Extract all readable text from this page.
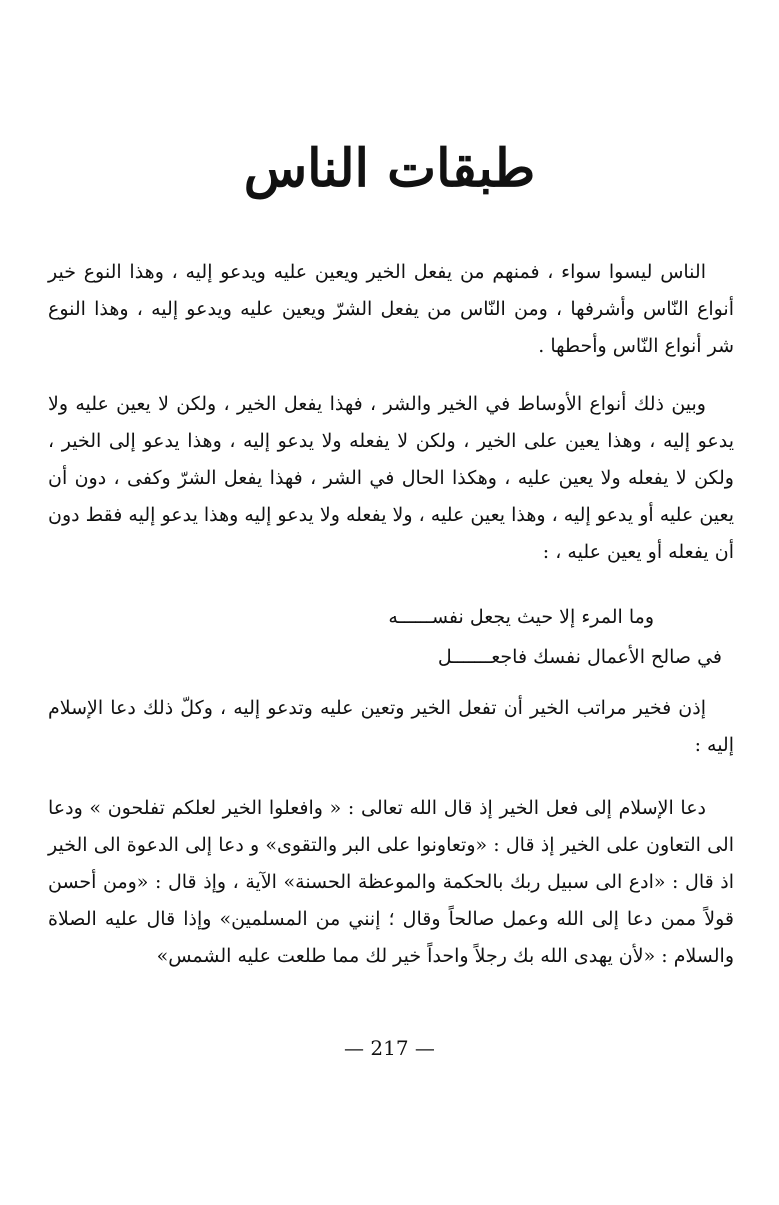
طبقات الناس
الناس ليسوا سواء ، فمنهم من يفعل الخير ويعين عليه ويدعو إليه ، وهذا النوع خير أنواع النّاس وأشرفها ، ومن النّاس من يفعل الشرّ ويعين عليه ويدعو إليه ، وهذا النوع شر أنواع النّاس وأحطها .
وبين ذلك أنواع الأوساط في الخير والشر ، فهذا يفعل الخير ، ولكن لا يعين عليه ولا يدعو إليه ، وهذا يعين على الخير ، ولكن لا يفعله ولا يدعو إليه ، وهذا يدعو إلى الخير ، ولكن لا يفعله ولا يعين عليه ، وهكذا الحال في الشر ، فهذا يفعل الشرّ وكفى ، دون أن يعين عليه أو يدعو إليه ، وهذا يعين عليه ، ولا يفعله ولا يدعو إليه وهذا يدعو إليه فقط دون أن يفعله أو يعين عليه ، :
وما المرء إلا حيث يجعل نفســــــه
في صالح الأعمال نفسك فاجعـــــــل
إذن فخير مراتب الخير أن تفعل الخير وتعين عليه وتدعو إليه ، وكلّ ذلك دعا الإسلام إليه :
دعا الإسلام إلى فعل الخير إذ قال الله تعالى : « وافعلوا الخير لعلكم تفلحون » ودعا الى التعاون على الخير إذ قال : «وتعاونوا على البر والتقوى» و دعا إلى الدعوة الى الخير اذ قال : «ادع الى سبيل ربك بالحكمة والموعظة الحسنة» الآية ، وإذ قال : «ومن أحسن قولاً ممن دعا إلى الله وعمل صالحاً وقال ؛ إنني من المسلمين» وإذا قال عليه الصلاة والسلام : «لأن يهدى الله بك رجلاً واحداً خير لك مما طلعت عليه الشمس»
— 217 —
